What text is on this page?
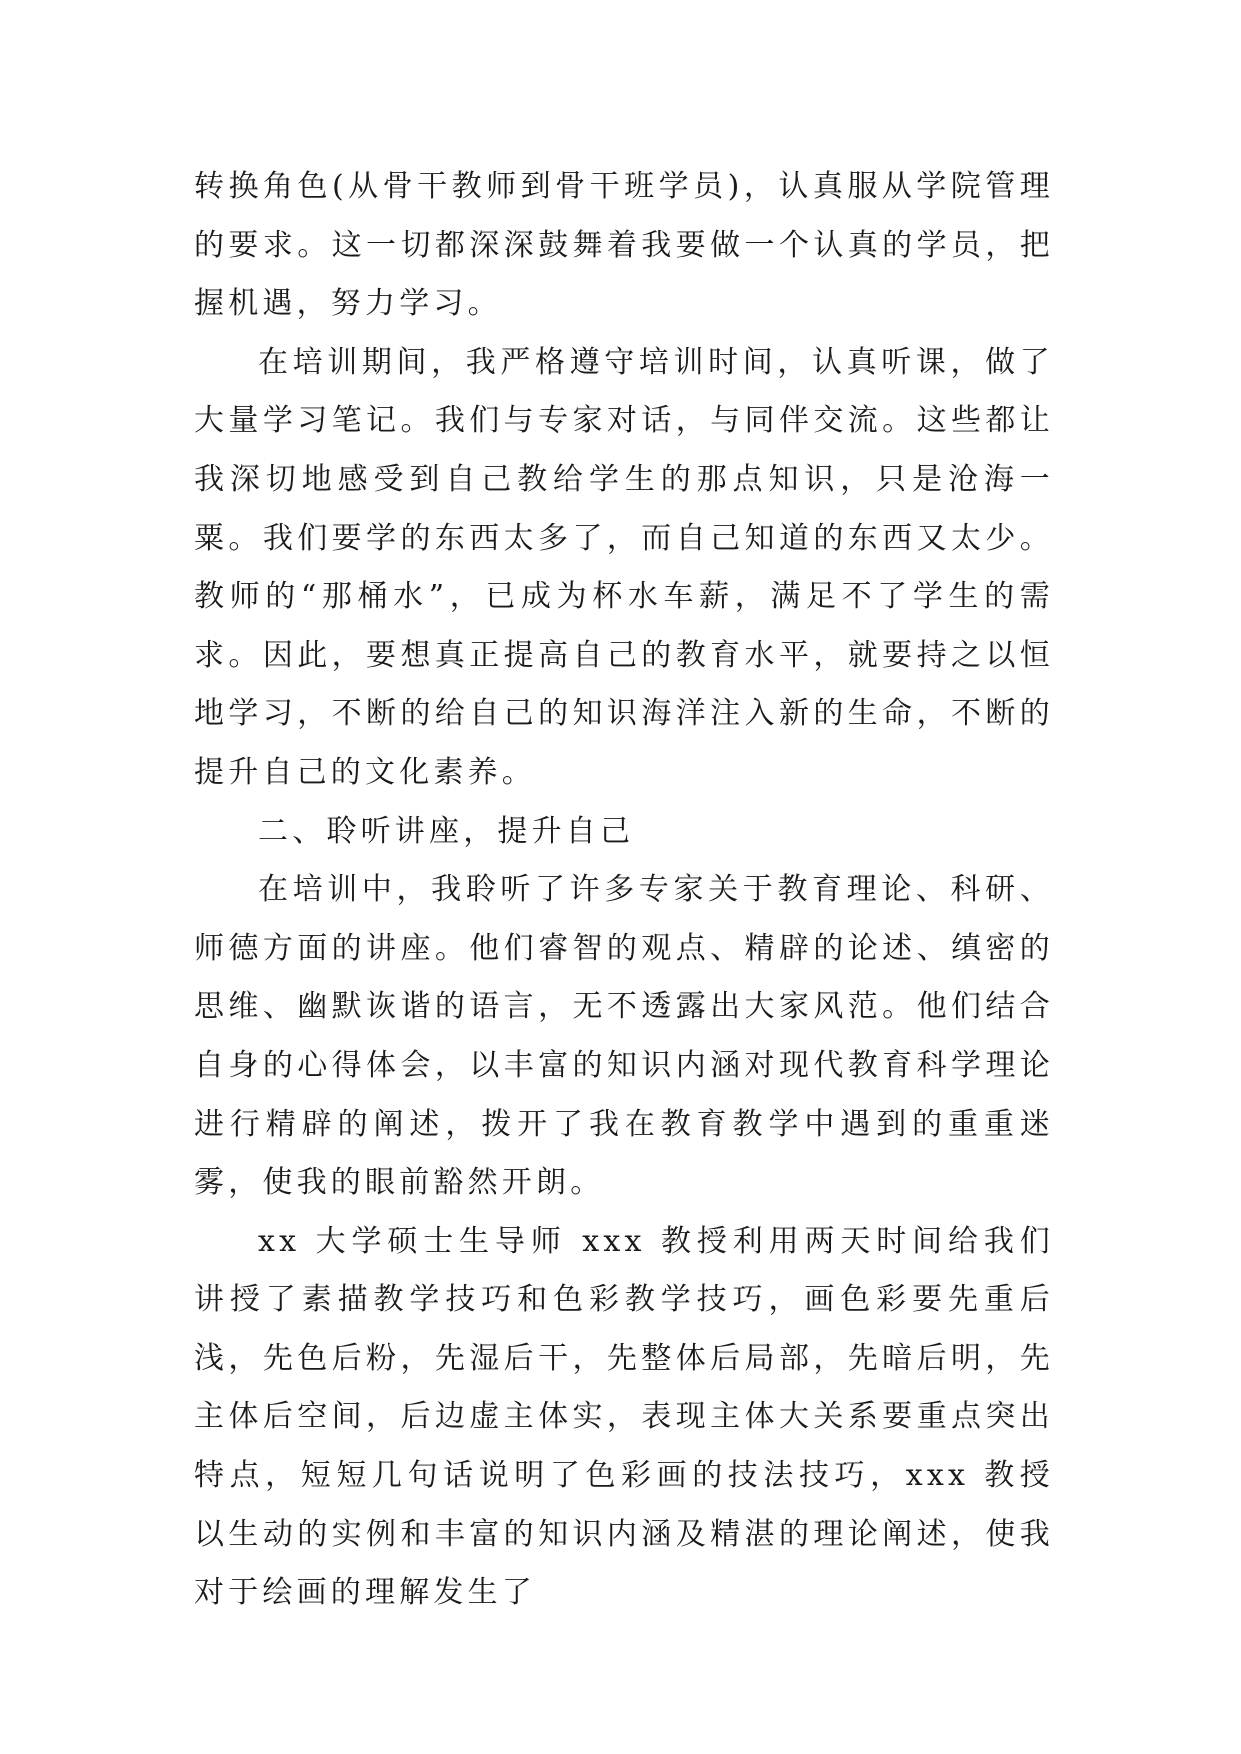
转换角色(从骨干教师到骨干班学员)，认真服从学院管理的要求。这一切都深深鼓舞着我要做一个认真的学员，把握机遇，努力学习。

在培训期间，我严格遵守培训时间，认真听课，做了大量学习笔记。我们与专家对话，与同伴交流。这些都让我深切地感受到自己教给学生的那点知识，只是沧海一粟。我们要学的东西太多了，而自己知道的东西又太少。教师的“那桶水”，已成为杯水车薪，满足不了学生的需求。因此，要想真正提高自己的教育水平，就要持之以恒地学习，不断的给自己的知识海洋注入新的生命，不断的提升自己的文化素养。

二、聆听讲座，提升自己

在培训中，我聆听了许多专家关于教育理论、科研、师德方面的讲座。他们睿智的观点、精辟的论述、缜密的思维、幽默诙谐的语言，无不透露出大家风范。他们结合自身的心得体会，以丰富的知识内涵对现代教育科学理论进行精辟的阐述，拨开了我在教育教学中遇到的重重迷雾，使我的眼前豁然开朗。

xx 大学硕士生导师 xxx 教授利用两天时间给我们讲授了素描教学技巧和色彩教学技巧，画色彩要先重后浅，先色后粉，先湿后干，先整体后局部，先暗后明，先主体后空间，后边虚主体实，表现主体大关系要重点突出特点，短短几句话说明了色彩画的技法技巧，xxx 教授以生动的实例和丰富的知识内涵及精湛的理论阐述，使我对于绘画的理解发生了
